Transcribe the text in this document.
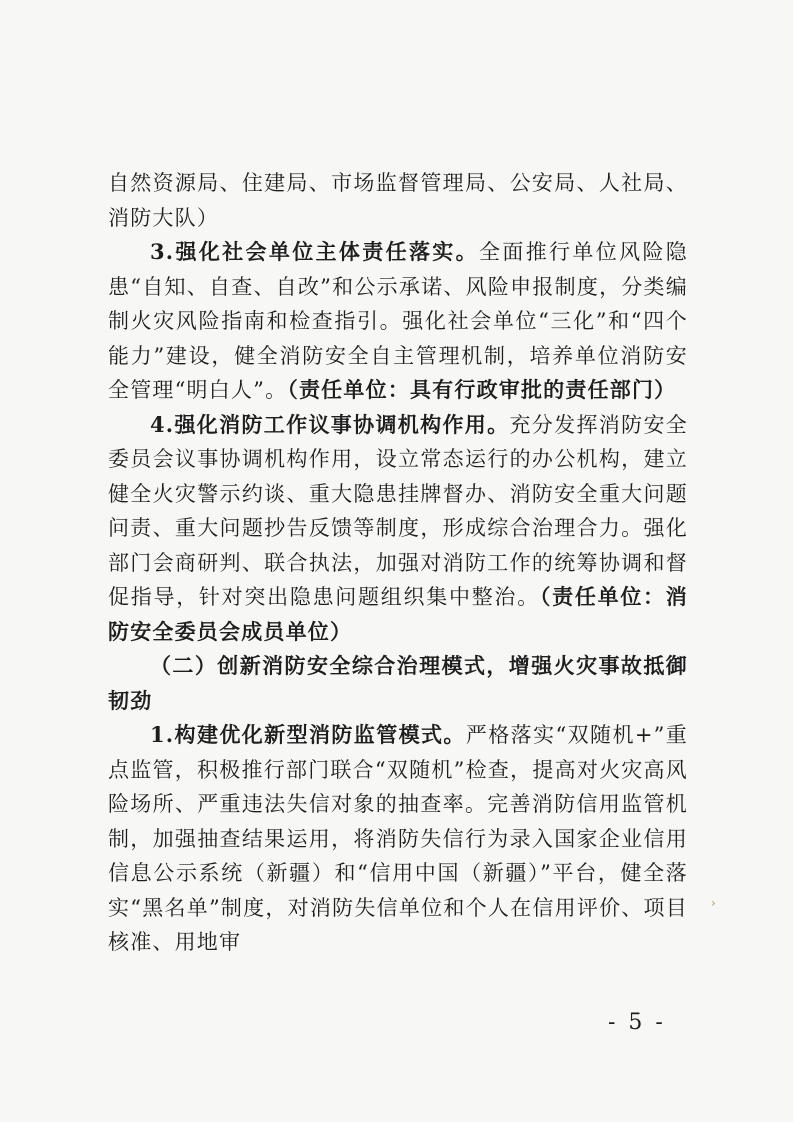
自然资源局、住建局、市场监督管理局、公安局、人社局、消防大队）

3.强化社会单位主体责任落实。全面推行单位风险隐患“自知、自查、自改”和公示承诺、风险申报制度，分类编制火灾风险指南和检查指引。强化社会单位“三化”和“四个能力”建设，健全消防安全自主管理机制，培养单位消防安全管理“明白人”。（责任单位：具有行政审批的责任部门）

4.强化消防工作议事协调机构作用。充分发挥消防安全委员会议事协调机构作用，设立常态运行的办公机构，建立健全火灾警示约谈、重大隐患挂牌督办、消防安全重大问题问责、重大问题抄告反馈等制度，形成综合治理合力。强化部门会商研判、联合执法，加强对消防工作的统筹协调和督促指导，针对突出隐患问题组织集中整治。（责任单位：消防安全委员会成员单位）

（二）创新消防安全综合治理模式，增强火灾事故抵御韧劲

1.构建优化新型消防监管模式。严格落实“双随机+”重点监管，积极推行部门联合“双随机”检查，提高对火灾高风险场所、严重违法失信对象的抽查率。完善消防信用监管机制，加强抽查结果运用，将消防失信行为录入国家企业信用信息公示系统（新疆）和“信用中国（新疆）”平台，健全落实“黑名单”制度，对消防失信单位和个人在信用评价、项目核准、用地审

›
- 5 -
